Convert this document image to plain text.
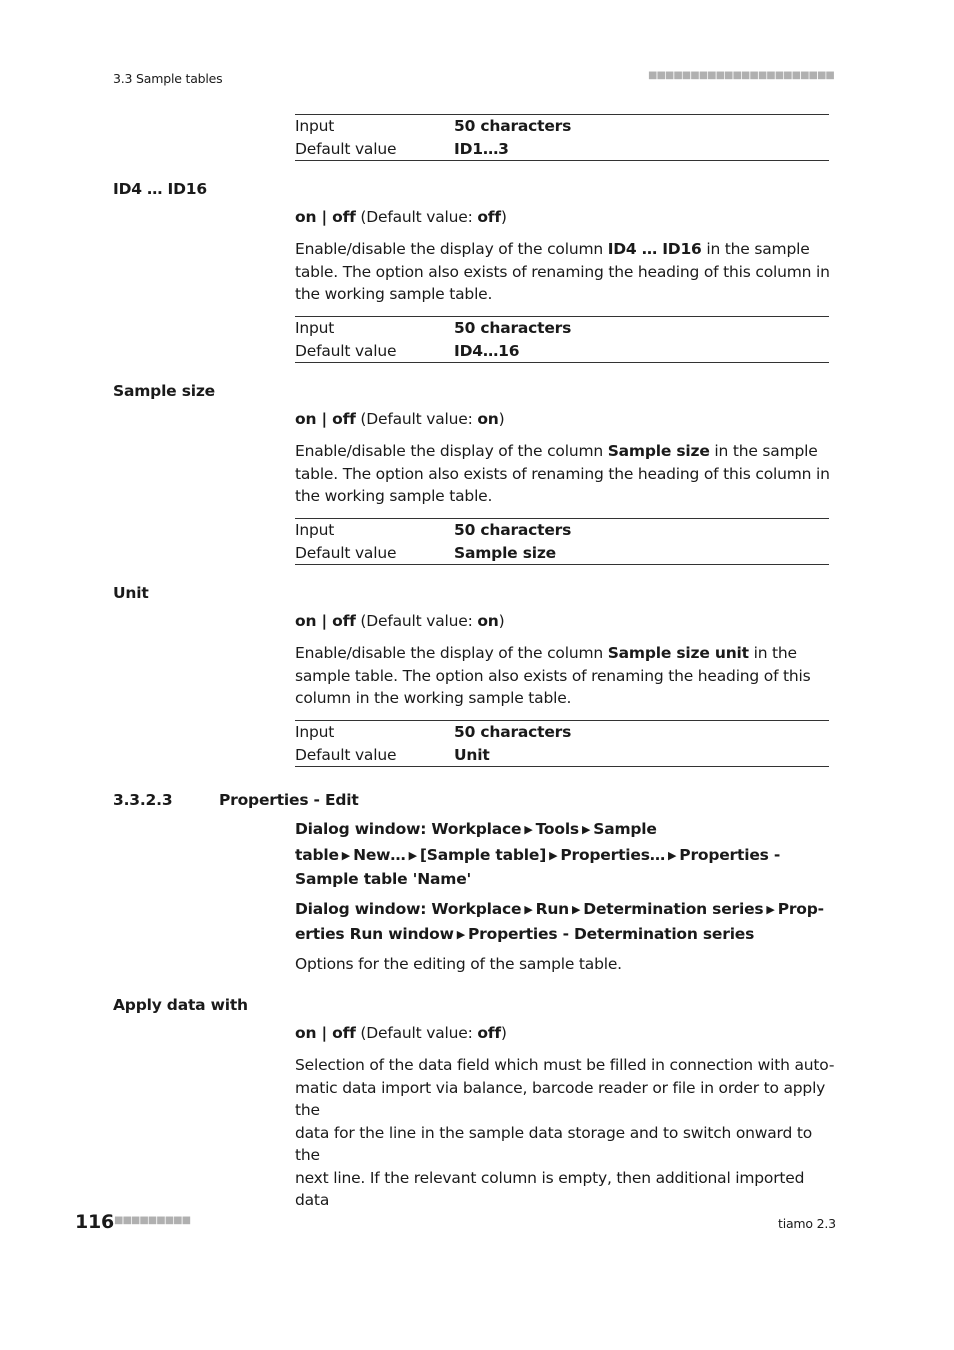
3.3 Sample tables	■■■■■■■■■■■■■■■■■■■■■■
Input	50 characters
Default value	ID1…3
ID4 … ID16
on | off (Default value: off)
Enable/disable the display of the column ID4 … ID16 in the sample table. The option also exists of renaming the heading of this column in the working sample table.
Input	50 characters
Default value	ID4…16
Sample size
on | off (Default value: on)
Enable/disable the display of the column Sample size in the sample table. The option also exists of renaming the heading of this column in the working sample table.
Input	50 characters
Default value	Sample size
Unit
on | off (Default value: on)
Enable/disable the display of the column Sample size unit in the sample table. The option also exists of renaming the heading of this column in the working sample table.
Input	50 characters
Default value	Unit
3.3.2.3	Properties - Edit
Dialog window: Workplace ▶ Tools ▶ Sample
table ▶ New… ▶ [Sample table] ▶ Properties… ▶ Properties -
Sample table 'Name'
Dialog window: Workplace ▶ Run ▶ Determination series ▶ Prop-
erties Run window ▶ Properties - Determination series
Options for the editing of the sample table.
Apply data with
on | off (Default value: off)
Selection of the data field which must be filled in connection with auto-
matic data import via balance, barcode reader or file in order to apply the
data for the line in the sample data storage and to switch onward to the
next line. If the relevant column is empty, then additional imported data
116 ■■■■■■■■■	tiamo 2.3
